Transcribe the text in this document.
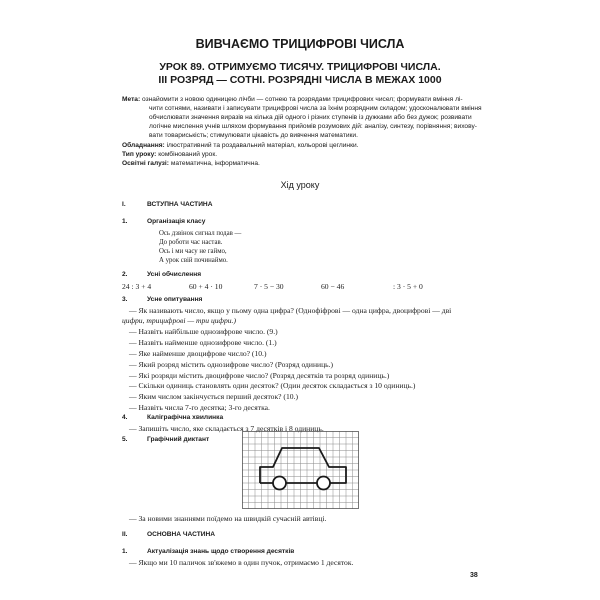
ВИВЧАЄМО ТРИЦИФРОВІ ЧИСЛА
УРОК 89. ОТРИМУЄМО ТИСЯЧУ. ТРИЦИФРОВІ ЧИСЛА.
ІІІ РОЗРЯД — СОТНІ. РОЗРЯДНІ ЧИСЛА В МЕЖАХ 1000
Мета: ознайомити з новою одиницею лічби — сотнею та розрядами трицифрових чисел; формувати вміння лі-
чити сотнями, називати і записувати трицифрові числа за їхнім розрядним складом; удосконалювати вміння
обчислювати значення виразів на кілька дій одного і різних ступенів із дужками або без дужок; розвивати
логічне мислення учнів шляхом формування прийомів розумових дій: аналізу, синтезу, порівняння; вихову-
вати товариськість; стимулювати цікавість до вивчення математики.
Обладнання: ілюстративний та роздавальний матеріал, кольорові цеглинки.
Тип уроку: комбінований урок.
Освітні галузі: математична, інформатична.
Хід уроку
I.	ВСТУПНА ЧАСТИНА
1.	Організація класу
Ось дзвінок сигнал подав —
До роботи час настав.
Ось і ми часу не гаймо,
А урок свій починаймо.
2.	Усні обчислення
24 : 3 + 4	60 + 4 · 10	7 · 5 − 30	60 − 46	: 3 · 5 + 0
3.	Усне опитування
— Як називають число, якщо у пьому одна цифра? (Однофіфрові — одна цифра, двоцифрові — дві
цифри, трицифрові — три цифри.)
— Назвіть найбільше однозифрове число. (9.)
— Назвіть найменше однозифрове число. (1.)
— Яке найменше двоцифрове число? (10.)
— Який розряд містить однозифрове число? (Розряд одиниць.)
— Які розряди містить двоцифрове число? (Розряд десятків та розряд одиниць.)
— Скільки одиниць становлять один десяток? (Один десяток складається з 10 одиниць.)
— Яким числом закінчується перший десяток? (10.)
— Назвіть числа 7-го десятка; 3-го десятка.
4.	Каліграфічна хвилинка
— Запишіть число, яке складається з 7 десятків і 8 одиниць.
5.	Графічний диктант
— За новими знаннями поїдемо на швидкій сучасній автівці.
II.	ОСНОВНА ЧАСТИНА
1.	Актуалізація знань щодо створення десятків
— Якщо ми 10 паличок зв'яжемо в один пучок, отримаємо 1 десяток.
38
